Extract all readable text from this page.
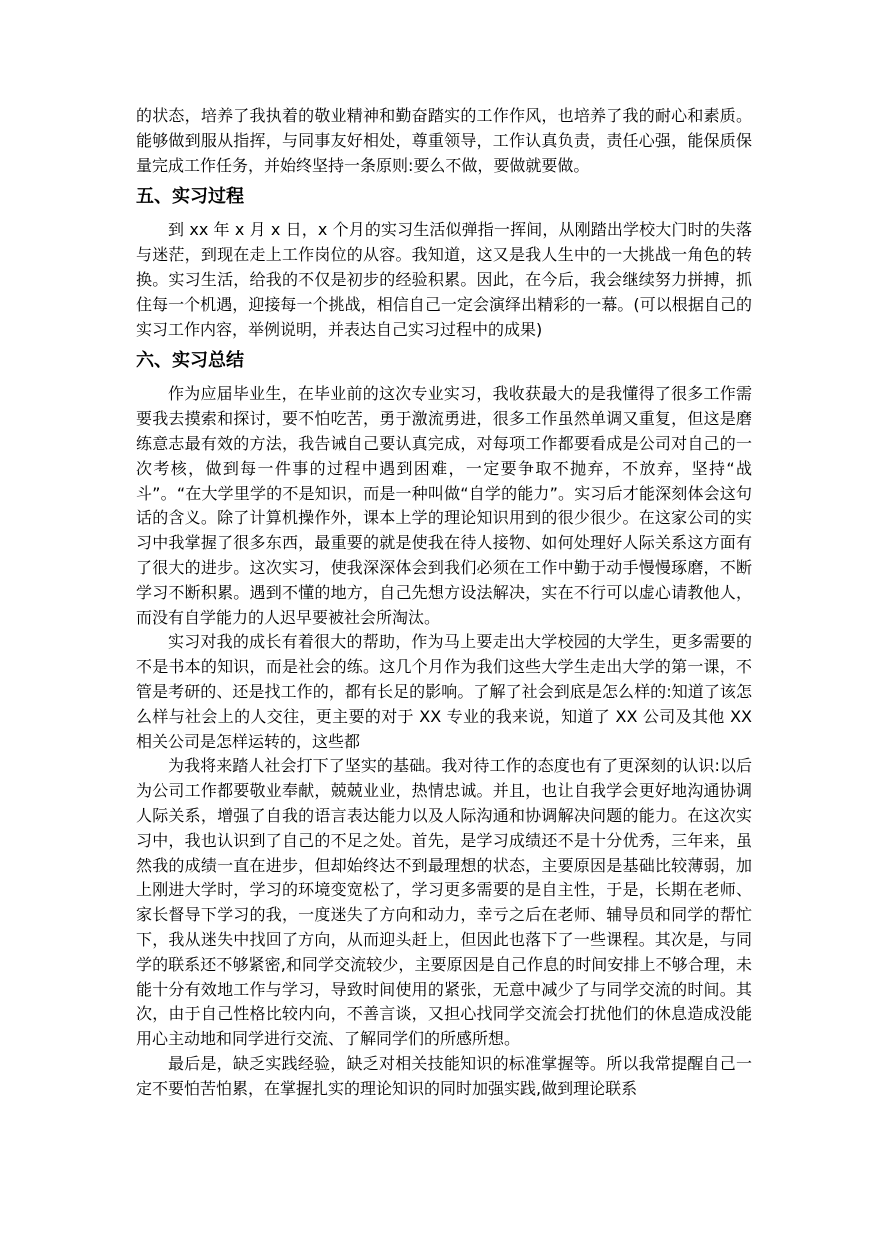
的状态，培养了我执着的敬业精神和勤奋踏实的工作作风，也培养了我的耐心和素质。能够做到服从指挥，与同事友好相处，尊重领导，工作认真负责，责任心强，能保质保量完成工作任务，并始终坚持一条原则:要么不做，要做就要做。

五、实习过程

到 xx 年 x 月 x 日，x 个月的实习生活似弹指一挥间，从刚踏出学校大门时的失落与迷茫，到现在走上工作岗位的从容。我知道，这又是我人生中的一大挑战一角色的转换。实习生活，给我的不仅是初步的经验积累。因此，在今后，我会继续努力拼搏，抓住每一个机遇，迎接每一个挑战，相信自己一定会演绎出精彩的一幕。(可以根据自己的实习工作内容，举例说明，并表达自己实习过程中的成果)

六、实习总结

作为应届毕业生，在毕业前的这次专业实习，我收获最大的是我懂得了很多工作需要我去摸索和探讨，要不怕吃苦，勇于激流勇进，很多工作虽然单调又重复，但这是磨练意志最有效的方法，我告诫自己要认真完成，对每项工作都要看成是公司对自己的一次考核，做到每一件事的过程中遇到困难，一定要争取不抛弃，不放弃，坚持“战斗”。“在大学里学的不是知识，而是一种叫做“自学的能力”。实习后才能深刻体会这句话的含义。除了计算机操作外，课本上学的理论知识用到的很少很少。在这家公司的实习中我掌握了很多东西，最重要的就是使我在待人接物、如何处理好人际关系这方面有了很大的进步。这次实习，使我深深体会到我们必须在工作中勤于动手慢慢琢磨，不断学习不断积累。遇到不懂的地方，自己先想方设法解决，实在不行可以虚心请教他人，而没有自学能力的人迟早要被社会所淘汰。

实习对我的成长有着很大的帮助，作为马上要走出大学校园的大学生，更多需要的不是书本的知识，而是社会的练。这几个月作为我们这些大学生走出大学的第一课，不管是考研的、还是找工作的，都有长足的影响。了解了社会到底是怎么样的:知道了该怎么样与社会上的人交往，更主要的对于 XX 专业的我来说，知道了 XX 公司及其他 XX 相关公司是怎样运转的，这些都

为我将来踏人社会打下了坚实的基础。我对待工作的态度也有了更深刻的认识:以后为公司工作都要敬业奉献，兢兢业业，热情忠诚。并且，也让自我学会更好地沟通协调人际关系，增强了自我的语言表达能力以及人际沟通和协调解决问题的能力。在这次实习中，我也认识到了自己的不足之处。首先，是学习成绩还不是十分优秀，三年来，虽然我的成绩一直在进步，但却始终达不到最理想的状态，主要原因是基础比较薄弱，加上刚进大学时，学习的环境变宽松了，学习更多需要的是自主性，于是，长期在老师、家长督导下学习的我，一度迷失了方向和动力，幸亏之后在老师、辅导员和同学的帮忙下，我从迷失中找回了方向，从而迎头赶上，但因此也落下了一些课程。其次是，与同学的联系还不够紧密,和同学交流较少，主要原因是自己作息的时间安排上不够合理，未能十分有效地工作与学习，导致时间使用的紧张，无意中减少了与同学交流的时间。其次，由于自己性格比较内向，不善言谈，又担心找同学交流会打扰他们的休息造成没能用心主动地和同学进行交流、了解同学们的所感所想。

最后是，缺乏实践经验，缺乏对相关技能知识的标准掌握等。所以我常提醒自己一定不要怕苦怕累，在掌握扎实的理论知识的同时加强实践,做到理论联系
